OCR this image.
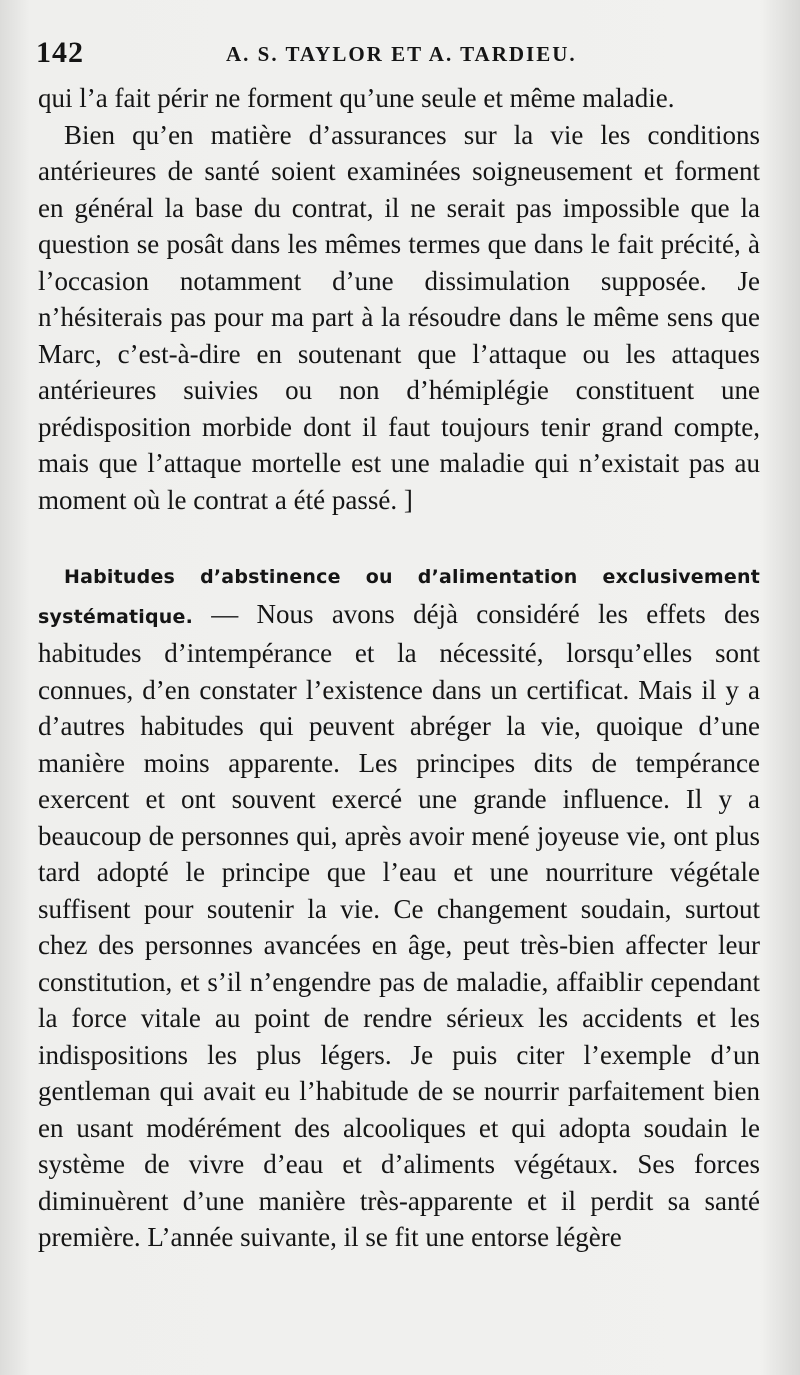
142	A. S. TAYLOR ET A. TARDIEU.

qui l’a fait périr ne forment qu’une seule et même maladie.

Bien qu’en matière d’assurances sur la vie les conditions antérieures de santé soient examinées soigneusement et forment en général la base du contrat, il ne serait pas impossible que la question se posât dans les mêmes termes que dans le fait précité, à l’occasion notamment d’une dissimulation supposée. Je n’hésiterais pas pour ma part à la résoudre dans le même sens que Marc, c’est-à-dire en soutenant que l’attaque ou les attaques antérieures suivies ou non d’hémiplégie constituent une prédisposition morbide dont il faut toujours tenir grand compte, mais que l’attaque mortelle est une maladie qui n’existait pas au moment où le contrat a été passé. ]

Habitudes d’abstinence ou d’alimentation exclusivement systématique. — Nous avons déjà considéré les effets des habitudes d’intempérance et la nécessité, lorsqu’elles sont connues, d’en constater l’existence dans un certificat. Mais il y a d’autres habitudes qui peuvent abréger la vie, quoique d’une manière moins apparente. Les principes dits de tempérance exercent et ont souvent exercé une grande influence. Il y a beaucoup de personnes qui, après avoir mené joyeuse vie, ont plus tard adopté le principe que l’eau et une nourriture végétale suffisent pour soutenir la vie. Ce changement soudain, surtout chez des personnes avancées en âge, peut très-bien affecter leur constitution, et s’il n’engendre pas de maladie, affaiblir cependant la force vitale au point de rendre sérieux les accidents et les indispositions les plus légers. Je puis citer l’exemple d’un gentleman qui avait eu l’habitude de se nourrir parfaitement bien en usant modérément des alcooliques et qui adopta soudain le système de vivre d’eau et d’aliments végétaux. Ses forces diminuèrent d’une manière très-apparente et il perdit sa santé première. L’année suivante, il se fit une entorse légère
